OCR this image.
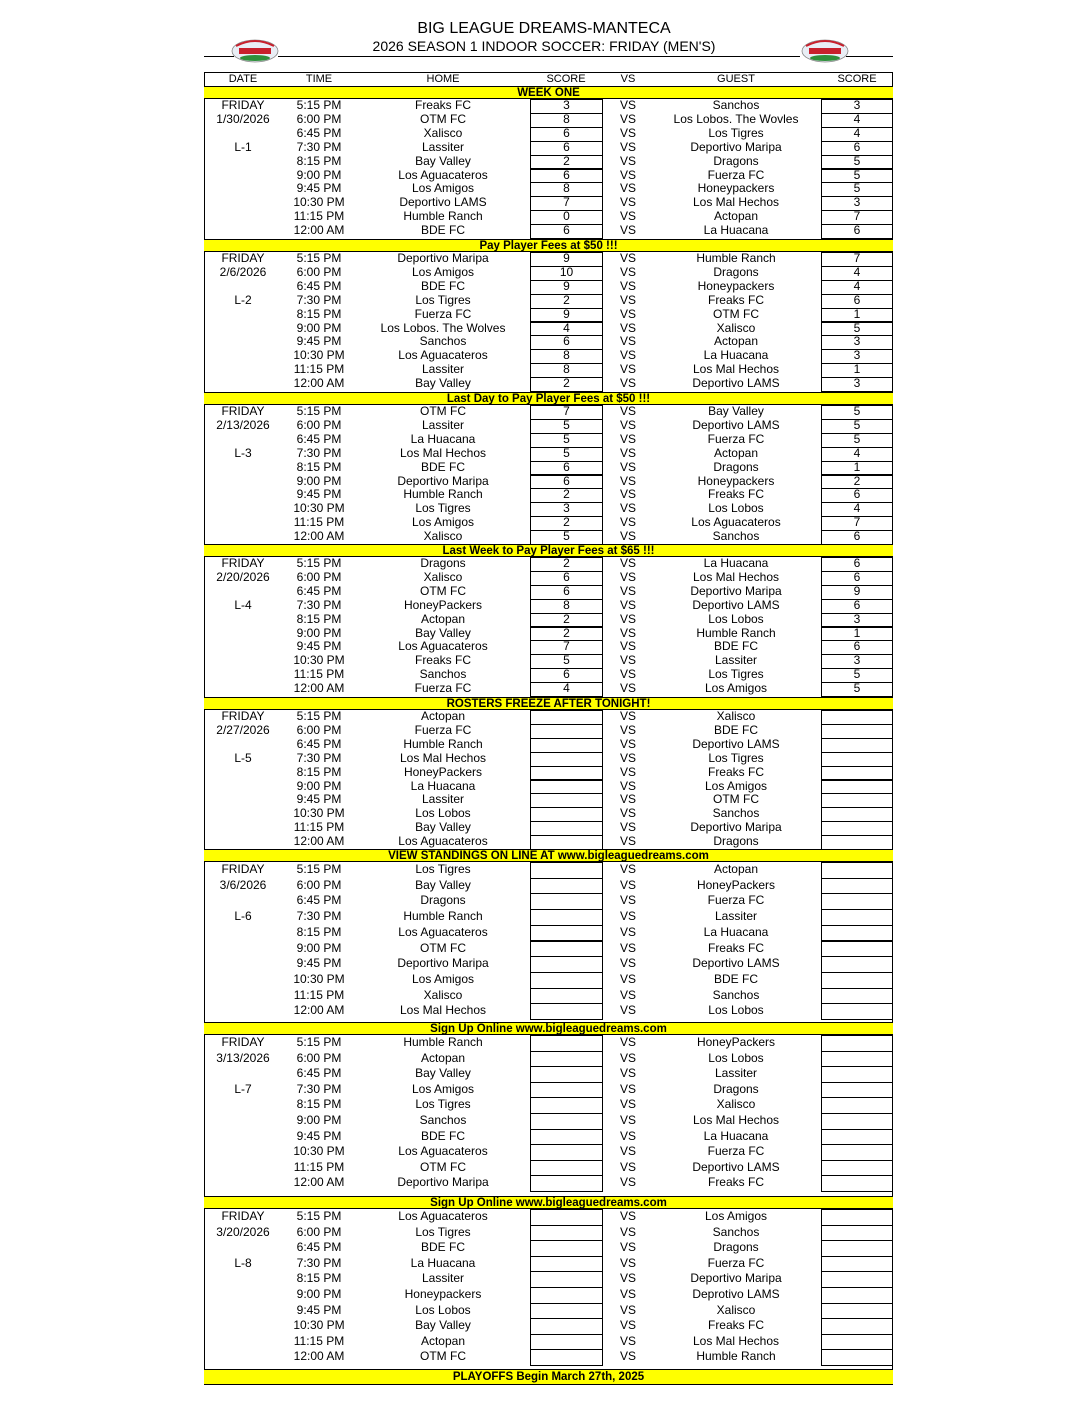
BIG LEAGUE DREAMS-MANTECA
2026 SEASON 1 INDOOR SOCCER: FRIDAY (MEN'S)
DATE	TIME	HOME	SCORE	VS	GUEST	SCORE
WEEK ONE
FRIDAY
1/30/2026
L-1
5:15 PM	Freaks FC	3	VS	Sanchos	3
6:00 PM	OTM FC	8	VS	Los Lobos. The Wovles	4
6:45 PM	Xalisco	6	VS	Los Tigres	4
7:30 PM	Lassiter	6	VS	Deportivo Maripa	6
8:15 PM	Bay Valley	2	VS	Dragons	5
9:00 PM	Los Aguacateros	6	VS	Fuerza FC	5
9:45 PM	Los Amigos	8	VS	Honeypackers	5
10:30 PM	Deportivo LAMS	7	VS	Los Mal Hechos	3
11:15 PM	Humble Ranch	0	VS	Actopan	7
12:00 AM	BDE FC	6	VS	La Huacana	6
Pay Player Fees at $50 !!!
FRIDAY
2/6/2026
L-2
5:15 PM	Deportivo Maripa	9	VS	Humble Ranch	7
6:00 PM	Los Amigos	10	VS	Dragons	4
6:45 PM	BDE FC	9	VS	Honeypackers	4
7:30 PM	Los Tigres	2	VS	Freaks FC	6
8:15 PM	Fuerza FC	9	VS	OTM FC	1
9:00 PM	Los Lobos. The Wolves	4	VS	Xalisco	5
9:45 PM	Sanchos	6	VS	Actopan	3
10:30 PM	Los Aguacateros	8	VS	La Huacana	3
11:15 PM	Lassiter	8	VS	Los Mal Hechos	1
12:00 AM	Bay Valley	2	VS	Deportivo LAMS	3
Last Day to Pay Player Fees at $50 !!!
FRIDAY
2/13/2026
L-3
5:15 PM	OTM FC	7	VS	Bay Valley	5
6:00 PM	Lassiter	5	VS	Deportivo LAMS	5
6:45 PM	La Huacana	5	VS	Fuerza FC	5
7:30 PM	Los Mal Hechos	5	VS	Actopan	4
8:15 PM	BDE FC	6	VS	Dragons	1
9:00 PM	Deportivo Maripa	6	VS	Honeypackers	2
9:45 PM	Humble Ranch	2	VS	Freaks FC	6
10:30 PM	Los Tigres	3	VS	Los Lobos	4
11:15 PM	Los Amigos	2	VS	Los Aguacateros	7
12:00 AM	Xalisco	5	VS	Sanchos	6
Last Week to Pay Player Fees at $65 !!!
FRIDAY
2/20/2026
L-4
5:15 PM	Dragons	2	VS	La Huacana	6
6:00 PM	Xalisco	6	VS	Los Mal Hechos	6
6:45 PM	OTM FC	6	VS	Deportivo Maripa	9
7:30 PM	HoneyPackers	8	VS	Deportivo LAMS	6
8:15 PM	Actopan	2	VS	Los Lobos	3
9:00 PM	Bay Valley	2	VS	Humble Ranch	1
9:45 PM	Los Aguacateros	7	VS	BDE FC	6
10:30 PM	Freaks FC	5	VS	Lassiter	3
11:15 PM	Sanchos	6	VS	Los Tigres	5
12:00 AM	Fuerza FC	4	VS	Los Amigos	5
ROSTERS FREEZE AFTER TONIGHT!
FRIDAY
2/27/2026
L-5
5:15 PM	Actopan	VS	Xalisco
6:00 PM	Fuerza FC	VS	BDE FC
6:45 PM	Humble Ranch	VS	Deportivo LAMS
7:30 PM	Los Mal Hechos	VS	Los Tigres
8:15 PM	HoneyPackers	VS	Freaks FC
9:00 PM	La Huacana	VS	Los Amigos
9:45 PM	Lassiter	VS	OTM FC
10:30 PM	Los Lobos	VS	Sanchos
11:15 PM	Bay Valley	VS	Deportivo Maripa
12:00 AM	Los Aguacateros	VS	Dragons
VIEW STANDINGS ON LINE AT www.bigleaguedreams.com
FRIDAY
3/6/2026
L-6
5:15 PM	Los Tigres	VS	Actopan
6:00 PM	Bay Valley	VS	HoneyPackers
6:45 PM	Dragons	VS	Fuerza FC
7:30 PM	Humble Ranch	VS	Lassiter
8:15 PM	Los Aguacateros	VS	La Huacana
9:00 PM	OTM FC	VS	Freaks FC
9:45 PM	Deportivo Maripa	VS	Deportivo LAMS
10:30 PM	Los Amigos	VS	BDE FC
11:15 PM	Xalisco	VS	Sanchos
12:00 AM	Los Mal Hechos	VS	Los Lobos
Sign Up Online www.bigleaguedreams.com
FRIDAY
3/13/2026
L-7
5:15 PM	Humble Ranch	VS	HoneyPackers
6:00 PM	Actopan	VS	Los Lobos
6:45 PM	Bay Valley	VS	Lassiter
7:30 PM	Los Amigos	VS	Dragons
8:15 PM	Los Tigres	VS	Xalisco
9:00 PM	Sanchos	VS	Los Mal Hechos
9:45 PM	BDE FC	VS	La Huacana
10:30 PM	Los Aguacateros	VS	Fuerza FC
11:15 PM	OTM FC	VS	Deportivo LAMS
12:00 AM	Deportivo Maripa	VS	Freaks FC
Sign Up Online www.bigleaguedreams.com
FRIDAY
3/20/2026
L-8
5:15 PM	Los Aguacateros	VS	Los Amigos
6:00 PM	Los Tigres	VS	Sanchos
6:45 PM	BDE FC	VS	Dragons
7:30 PM	La Huacana	VS	Fuerza FC
8:15 PM	Lassiter	VS	Deportivo Maripa
9:00 PM	Honeypackers	VS	Deprotivo LAMS
9:45 PM	Los Lobos	VS	Xalisco
10:30 PM	Bay Valley	VS	Freaks FC
11:15 PM	Actopan	VS	Los Mal Hechos
12:00 AM	OTM FC	VS	Humble Ranch
PLAYOFFS Begin March 27th, 2025
